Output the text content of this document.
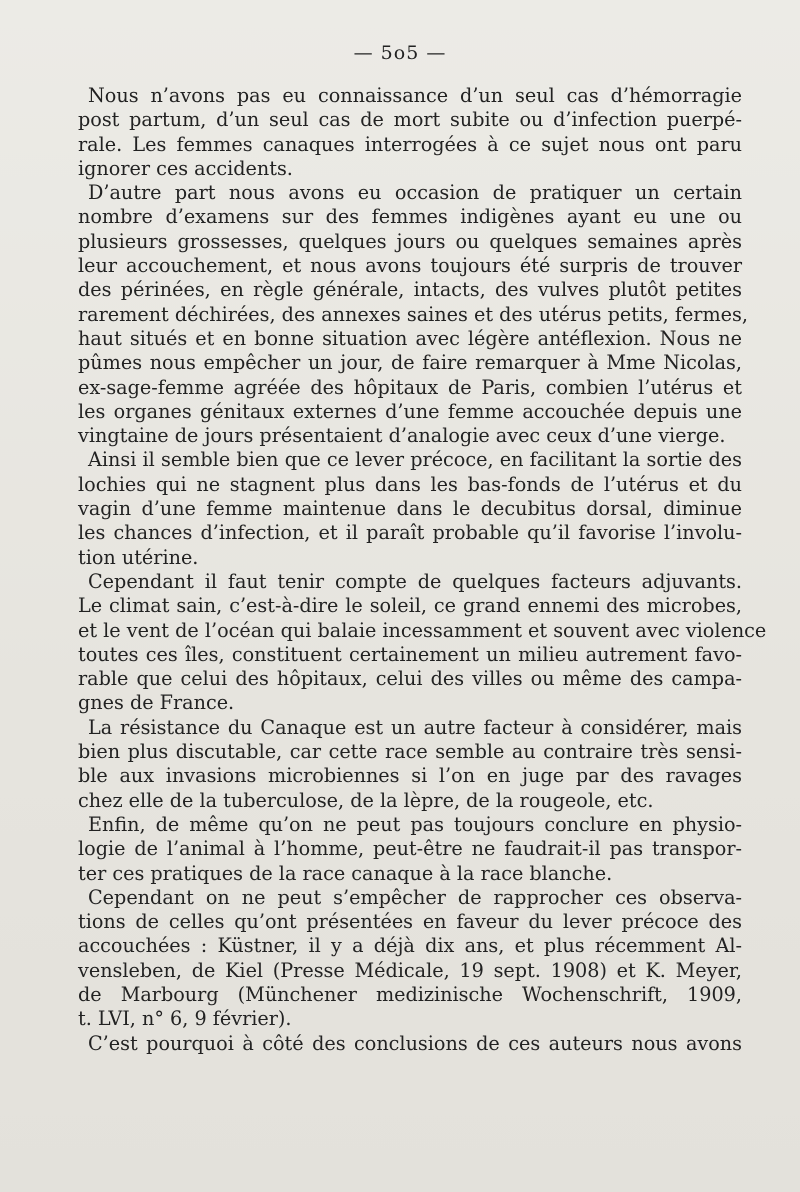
— 5o5 —
Nous n’avons pas eu connaissance d’un seul cas d’hémorragie
post partum, d’un seul cas de mort subite ou d’infection puerpé-
rale. Les femmes canaques interrogées à ce sujet nous ont paru
ignorer ces accidents.
D’autre part nous avons eu occasion de pratiquer un certain
nombre d’examens sur des femmes indigènes ayant eu une ou
plusieurs grossesses, quelques jours ou quelques semaines après
leur accouchement, et nous avons toujours été surpris de trouver
des périnées, en règle générale, intacts, des vulves plutôt petites
rarement déchirées, des annexes saines et des utérus petits, fermes,
haut situés et en bonne situation avec légère antéflexion. Nous ne
pûmes nous empêcher un jour, de faire remarquer à Mme Nicolas,
ex-sage-femme agréée des hôpitaux de Paris, combien l’utérus et
les organes génitaux externes d’une femme accouchée depuis une
vingtaine de jours présentaient d’analogie avec ceux d’une vierge.
Ainsi il semble bien que ce lever précoce, en facilitant la sortie des
lochies qui ne stagnent plus dans les bas-fonds de l’utérus et du
vagin d’une femme maintenue dans le decubitus dorsal, diminue
les chances d’infection, et il paraît probable qu’il favorise l’involu-
tion utérine.
Cependant il faut tenir compte de quelques facteurs adjuvants.
Le climat sain, c’est-à-dire le soleil, ce grand ennemi des microbes,
et le vent de l’océan qui balaie incessamment et souvent avec violence
toutes ces îles, constituent certainement un milieu autrement favo-
rable que celui des hôpitaux, celui des villes ou même des campa-
gnes de France.
La résistance du Canaque est un autre facteur à considérer, mais
bien plus discutable, car cette race semble au contraire très sensi-
ble aux invasions microbiennes si l’on en juge par des ravages
chez elle de la tuberculose, de la lèpre, de la rougeole, etc.
Enfin, de même qu’on ne peut pas toujours conclure en physio-
logie de l’animal à l’homme, peut-être ne faudrait-il pas transpor-
ter ces pratiques de la race canaque à la race blanche.
Cependant on ne peut s’empêcher de rapprocher ces observa-
tions de celles qu’ont présentées en faveur du lever précoce des
accouchées : Küstner, il y a déjà dix ans, et plus récemment Al-
vensleben, de Kiel (Presse Médicale, 19 sept. 1908) et K. Meyer,
de Marbourg (Münchener medizinische Wochenschrift, 1909,
t. LVI, n° 6, 9 février).
C’est pourquoi à côté des conclusions de ces auteurs nous avons
